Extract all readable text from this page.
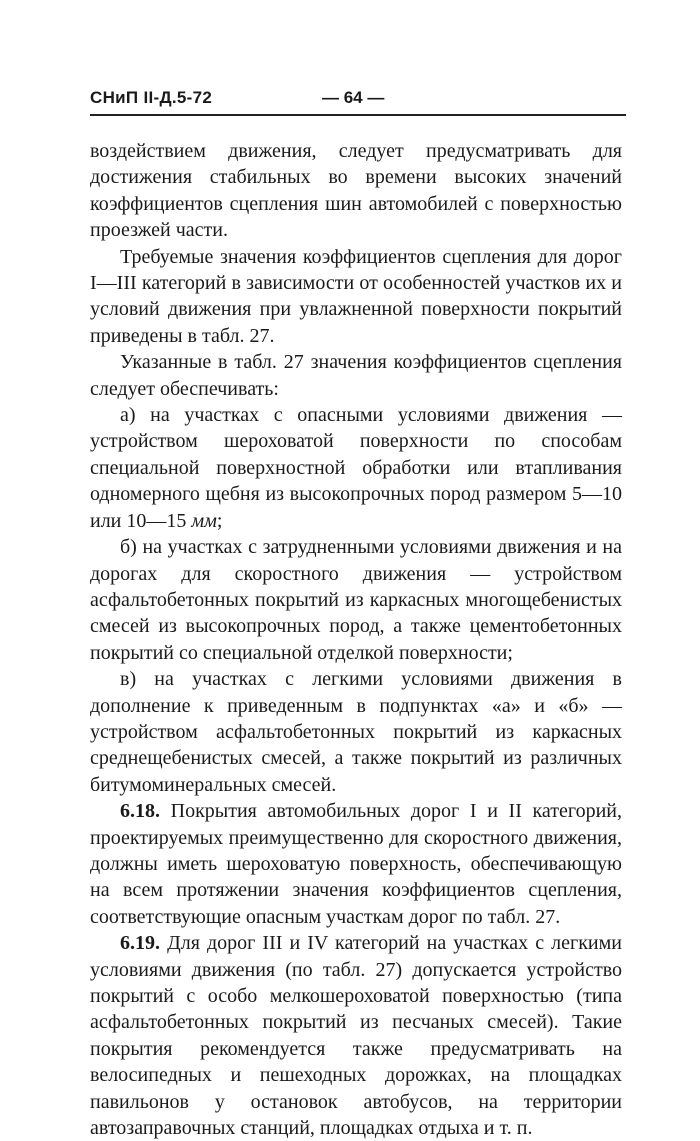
СНиП II-Д.5-72	— 64 —

воздействием движения, следует предусматривать для достижения стабильных во времени высоких значений коэффициентов сцепления шин автомобилей с поверхностью проезжей части.

Требуемые значения коэффициентов сцепления для дорог I—III категорий в зависимости от особенностей участков их и условий движения при увлажненной поверхности покрытий приведены в табл. 27.

Указанные в табл. 27 значения коэффициентов сцепления следует обеспечивать:

а) на участках с опасными условиями движения — устройством шероховатой поверхности по способам специальной поверхностной обработки или втапливания одномерного щебня из высокопрочных пород размером 5—10 или 10—15 мм;

б) на участках с затрудненными условиями движения и на дорогах для скоростного движения — устройством асфальтобетонных покрытий из каркасных многощебенистых смесей из высокопрочных пород, а также цементобетонных покрытий со специальной отделкой поверхности;

в) на участках с легкими условиями движения в дополнение к приведенным в подпунктах «а» и «б» — устройством асфальтобетонных покрытий из каркасных среднещебенистых смесей, а также покрытий из различных битумоминеральных смесей.

6.18. Покрытия автомобильных дорог I и II категорий, проектируемых преимущественно для скоростного движения, должны иметь шероховатую поверхность, обеспечивающую на всем протяжении значения коэффициентов сцепления, соответствующие опасным участкам дорог по табл. 27.

6.19. Для дорог III и IV категорий на участках с легкими условиями движения (по табл. 27) допускается устройство покрытий с особо мелкошероховатой поверхностью (типа асфальтобетонных покрытий из песчаных смесей). Такие покрытия рекомендуется также предусматривать на велосипедных и пешеходных дорожках, на площадках павильонов у остановок автобусов, на территории автозаправочных станций, площадках отдыха и т. п.
